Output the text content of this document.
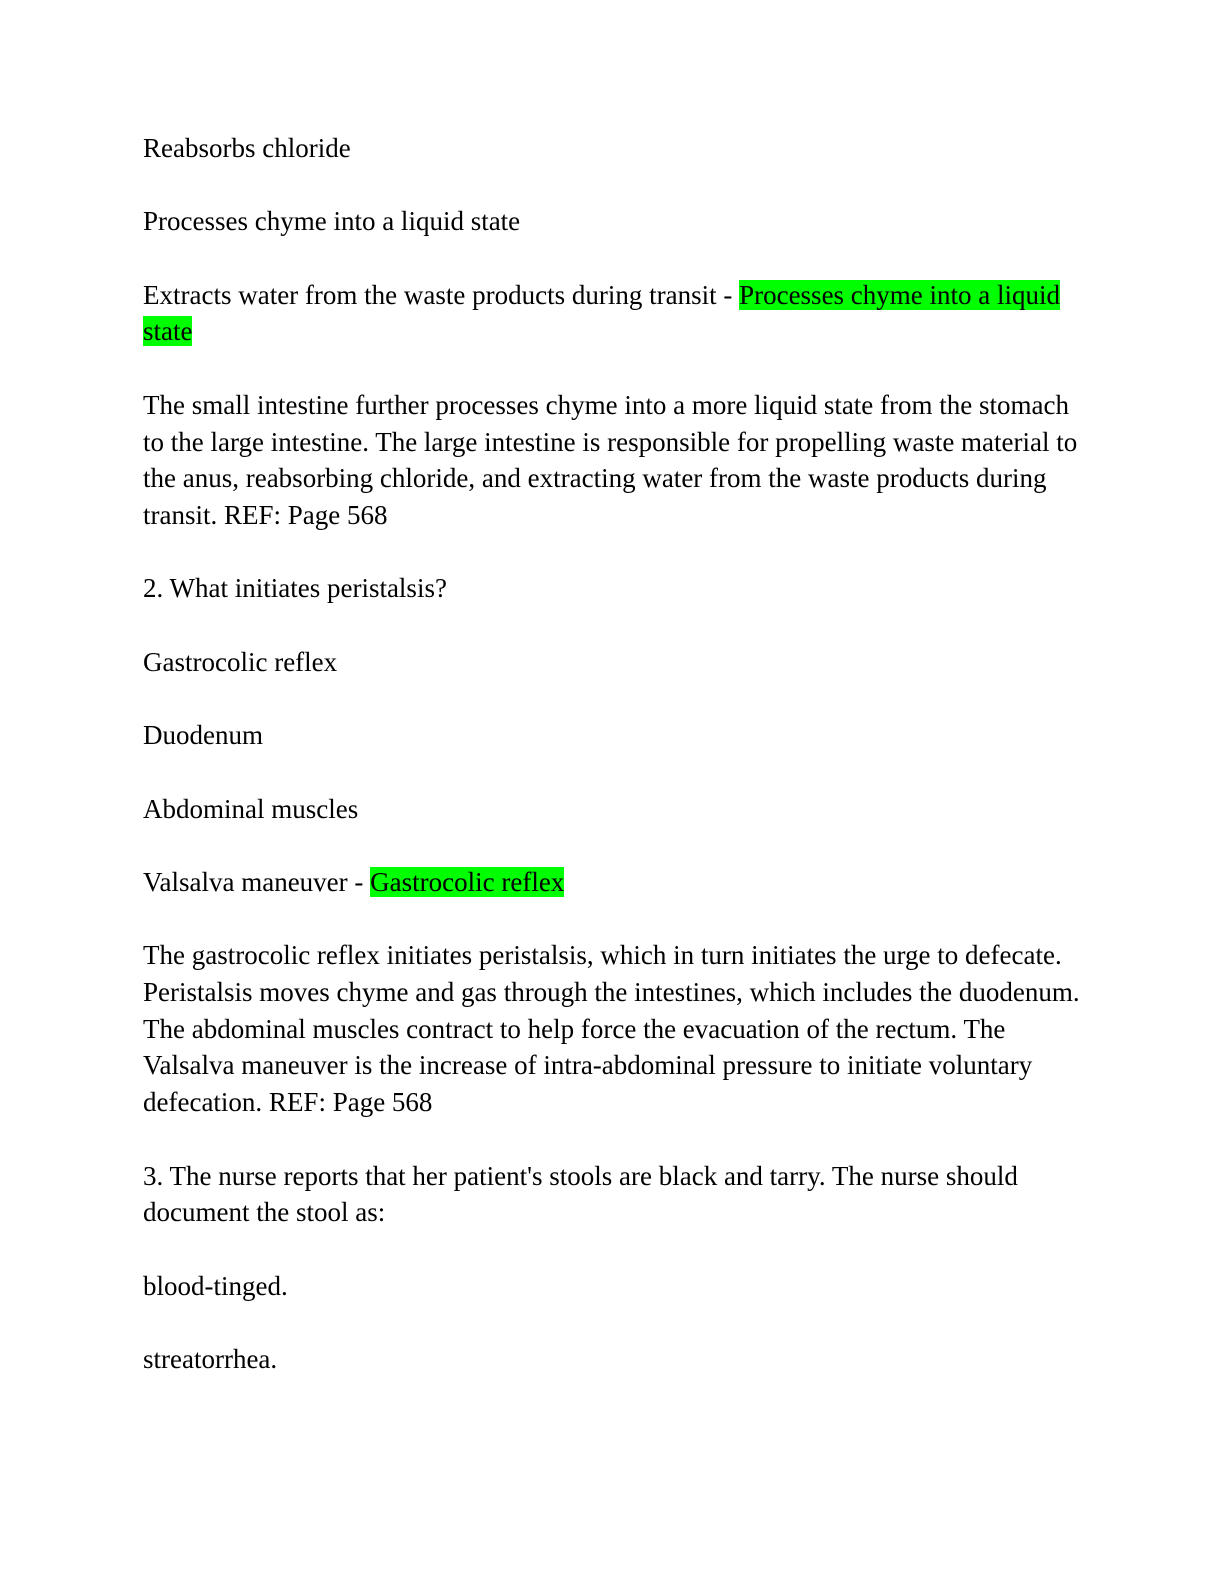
Reabsorbs chloride

Processes chyme into a liquid state

Extracts water from the waste products during transit - Processes chyme into a liquid state

The small intestine further processes chyme into a more liquid state from the stomach to the large intestine. The large intestine is responsible for propelling waste material to the anus, reabsorbing chloride, and extracting water from the waste products during transit. REF: Page 568

2. What initiates peristalsis?

Gastrocolic reflex

Duodenum

Abdominal muscles

Valsalva maneuver - Gastrocolic reflex

The gastrocolic reflex initiates peristalsis, which in turn initiates the urge to defecate. Peristalsis moves chyme and gas through the intestines, which includes the duodenum. The abdominal muscles contract to help force the evacuation of the rectum. The Valsalva maneuver is the increase of intra-abdominal pressure to initiate voluntary defecation. REF: Page 568

3. The nurse reports that her patient's stools are black and tarry. The nurse should document the stool as:

blood-tinged.

streatorrhea.
